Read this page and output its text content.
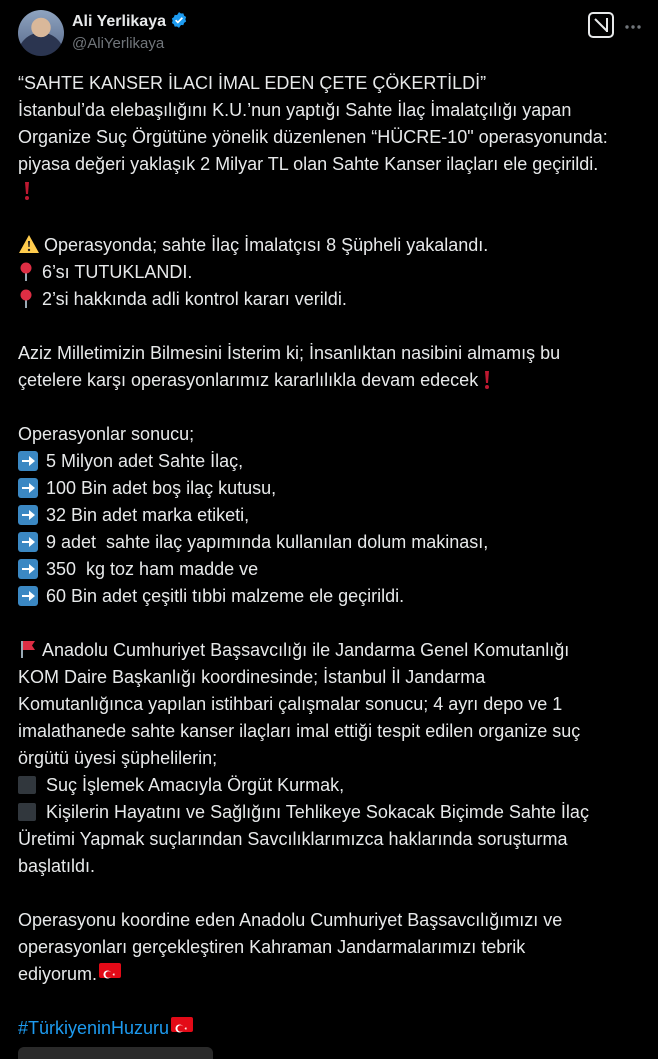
Ali Yerlikaya
@AliYerlikaya
“SAHTE KANSER İLACI İMAL EDEN ÇETE ÇÖKERTİLDİ”
İstanbul’da elebaşılığını K.U.’nun yaptığı Sahte İlaç İmalatçılığı yapan
Organize Suç Örgütüne yönelik düzenlenen “HÜCRE-10" operasyonunda:
piyasa değeri yaklaşık 2 Milyar TL olan Sahte Kanser ilaçları ele geçirildi.
Operasyonda; sahte İlaç İmalatçısı 8 Şüpheli yakalandı.
6’sı TUTUKLANDI.
2’si hakkında adli kontrol kararı verildi.
Aziz Milletimizin Bilmesini İsterim ki; İnsanlıktan nasibini almamış bu
çetelere karşı operasyonlarımız kararlılıkla devam edecek
Operasyonlar sonucu;
5 Milyon adet Sahte İlaç,
100 Bin adet boş ilaç kutusu,
32 Bin adet marka etiketi,
9 adet  sahte ilaç yapımında kullanılan dolum makinası,
350  kg toz ham madde ve
60 Bin adet çeşitli tıbbi malzeme ele geçirildi.
Anadolu Cumhuriyet Başsavcılığı ile Jandarma Genel Komutanlığı
KOM Daire Başkanlığı koordinesinde; İstanbul İl Jandarma
Komutanlığınca yapılan istihbari çalışmalar sonucu; 4 ayrı depo ve 1
imalathanede sahte kanser ilaçları imal ettiği tespit edilen organize suç
örgütü üyesi şüphelilerin;
Suç İşlemek Amacıyla Örgüt Kurmak,
Kişilerin Hayatını ve Sağlığını Tehlikeye Sokacak Biçimde Sahte İlaç
Üretimi Yapmak suçlarından Savcılıklarımızca haklarında soruşturma
başlatıldı.
Operasyonu koordine eden Anadolu Cumhuriyet Başsavcılığımızı ve
operasyonları gerçekleştiren Kahraman Jandarmalarımızı tebrik
ediyorum.
#TürkiyeninHuzuru
